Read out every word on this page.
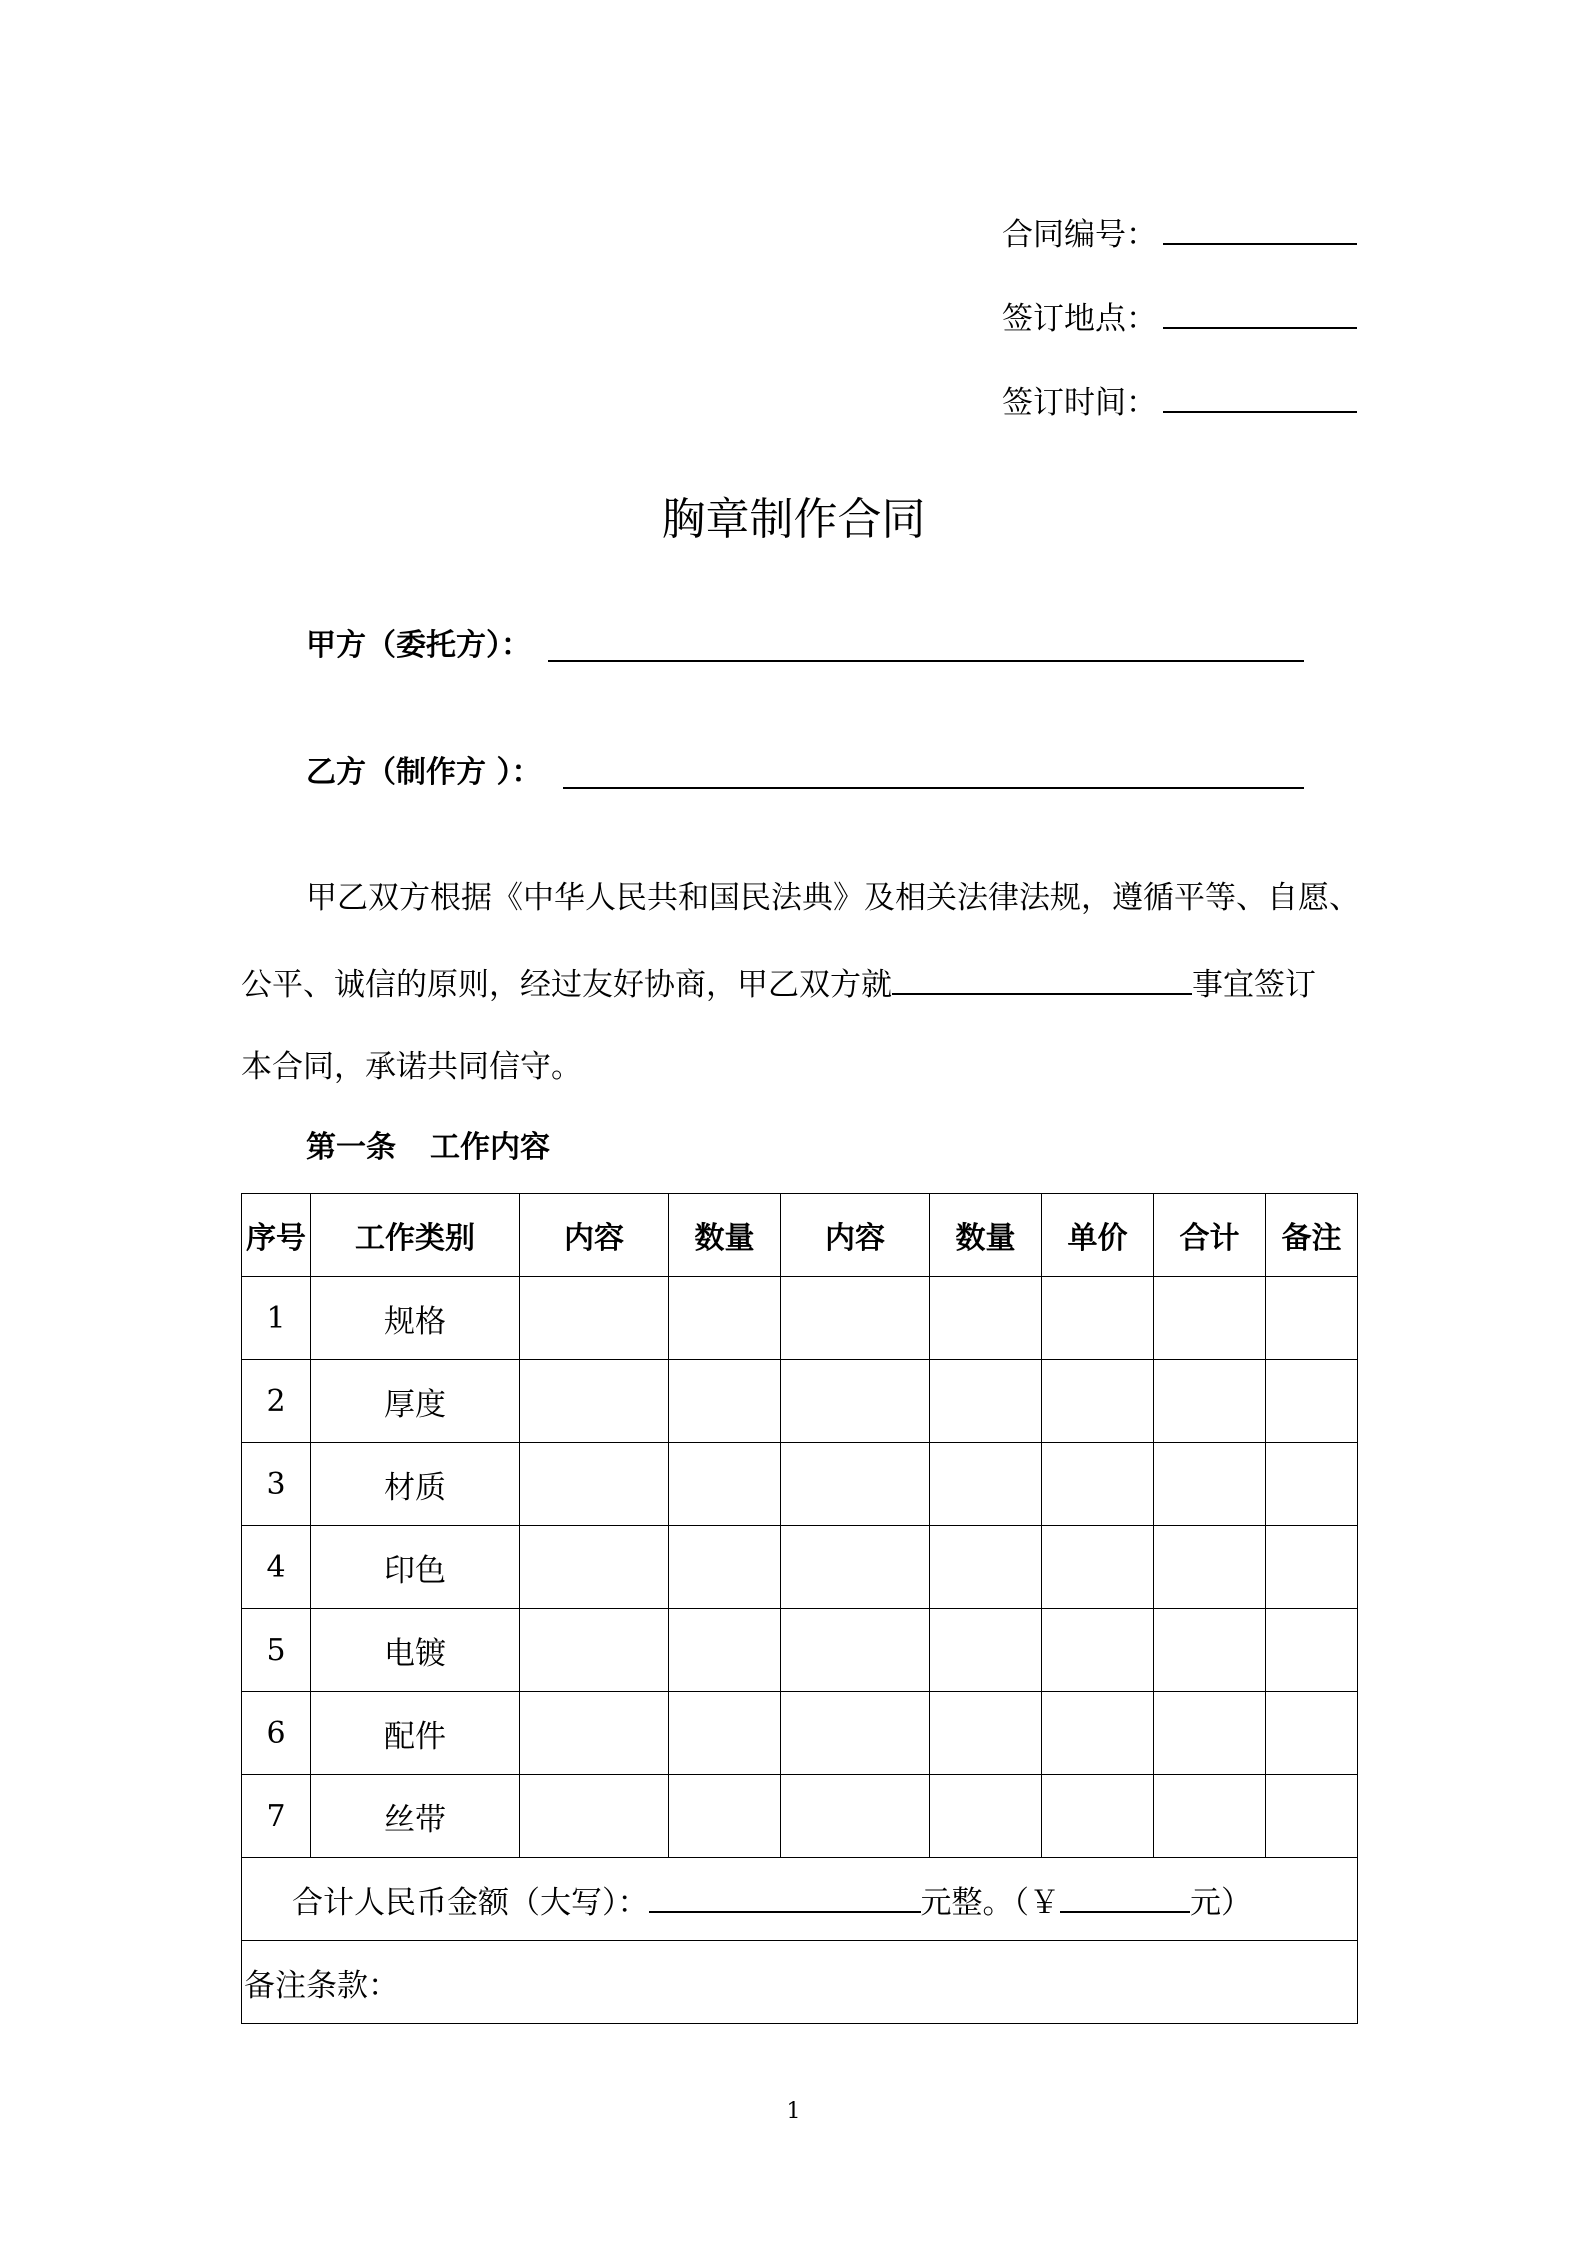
合同编号：
签订地点：
签订时间：
胸章制作合同
甲方（委托方）：
乙方（制作方 ）：
甲乙双方根据《中华人民共和国民法典》及相关法律法规，遵循平等、自愿、
公平、诚信的原则，经过友好协商，甲乙双方就	事宜签订
本合同，承诺共同信守。
第一条 工作内容
序号	工作类别	内容	数量	内容	数量	单价	合计	备注
1	规格							
2	厚度							
3	材质							
4	印色							
5	电镀							
6	配件							
7	丝带							
合计人民币金额（大写）： 元整。（￥ 元）								
备注条款：								
1
